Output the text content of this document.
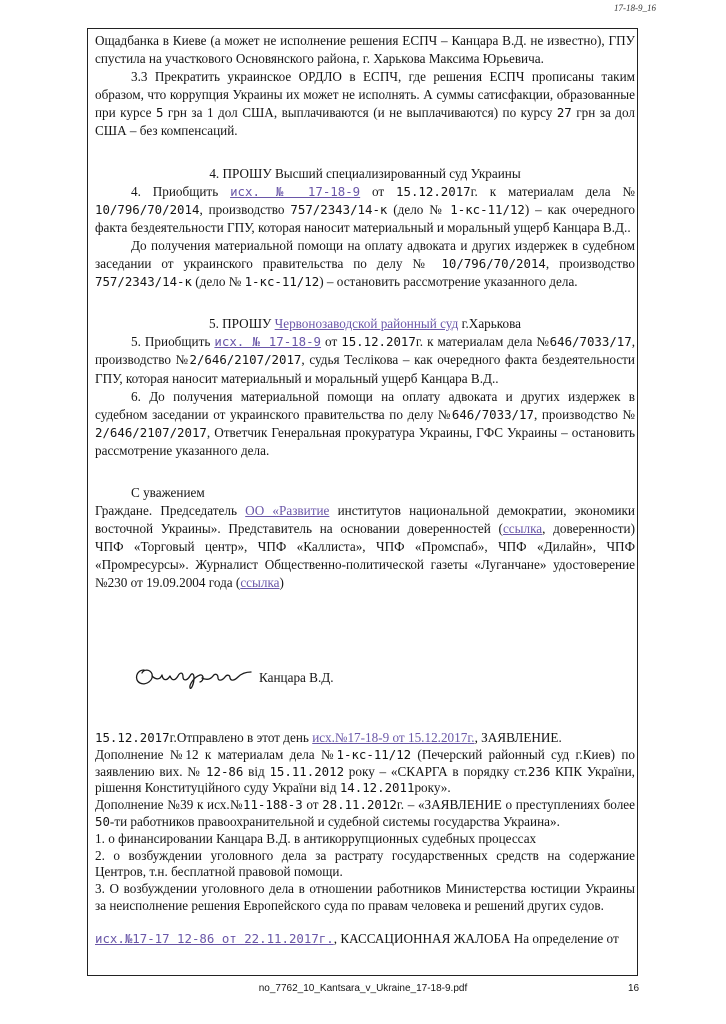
17-18-9_16

Ощадбанка в Киеве (а может не исполнение решения ЕСПЧ – Канцара В.Д. не известно), ГПУ спустила на участкового Основянского района, г. Харькова Максима Юрьевича.

3.3 Прекратить украинское ОРДЛО в ЕСПЧ, где решения ЕСПЧ прописаны таким образом, что коррупция Украины их может не исполнять. А суммы сатисфакции, образованные при курсе 5 грн за 1 дол США, выплачиваются (и не выплачиваются) по курсу 27 грн за дол США – без компенсаций.

4. ПРОШУ Высший специализированный суд Украины

4. Приобщить исх. № 17-18-9 от 15.12.2017г. к материалам дела № 10/796/70/2014, производство 757/2343/14-к (дело № 1-кс-11/12) – как очередного факта бездеятельности ГПУ, которая наносит материальный и моральный ущерб Канцара В.Д..

До получения материальной помощи на оплату адвоката и других издержек в судебном заседании от украинского правительства по делу № 10/796/70/2014, производство 757/2343/14-к (дело № 1-кс-11/12) – остановить рассмотрение указанного дела.

5. ПРОШУ Червонозаводской районный суд г.Харькова

5. Приобщить исх. № 17-18-9 от 15.12.2017г. к материалам дела №646/7033/17, производство №2/646/2107/2017, судья Теслікова – как очередного факта бездеятельности ГПУ, которая наносит материальный и моральный ущерб Канцара В.Д..

6. До получения материальной помощи на оплату адвоката и других издержек в судебном заседании от украинского правительства по делу №646/7033/17, производство № 2/646/2107/2017, Ответчик Генеральная прокуратура Украины, ГФС Украины – остановить рассмотрение указанного дела.

С уважением

Граждане. Председатель ОО «Развитие институтов национальной демократии, экономики восточной Украины». Представитель на основании доверенностей (ссылка, доверенности) ЧПФ «Торговый центр», ЧПФ «Каллиста», ЧПФ «Промспаб», ЧПФ «Дилайн», ЧПФ «Промресурсы». Журналист Общественно-политической газеты «Луганчане» удостоверение №230 от 19.09.2004 года (ссылка)

Канцара В.Д.

15.12.2017г.Отправлено в этот день исх.№17-18-9 от 15.12.2017г., ЗАЯВЛЕНИЕ.

Дополнение №12 к материалам дела №1-кс-11/12 (Печерский районный суд г.Киев) по заявлению вих. № 12-86 від 15.11.2012 року – «СКАРГА в порядку ст.236 КПК України, рішення Конституційного суду України від 14.12.2011року».

Дополнение №39 к исх.№11-188-3 от 28.11.2012г. – «ЗАЯВЛЕНИЕ о преступлениях более 50-ти работников правоохранительной и судебной системы государства Украина».

1. о финансировании Канцара В.Д. в антикоррупционных судебных процессах

2. о возбуждении уголовного дела за растрату государственных средств на содержание Центров, т.н. бесплатной правовой помощи.

3. О возбуждении уголовного дела в отношении работников Министерства юстиции Украины за неисполнение решения Европейского суда по правам человека и решений других судов.

исх.№17-17 12-86 от 22.11.2017г., КАССАЦИОННАЯ ЖАЛОБА На определение от

no_7762_10_Kantsara_v_Ukraine_17-18-9.pdf	16
